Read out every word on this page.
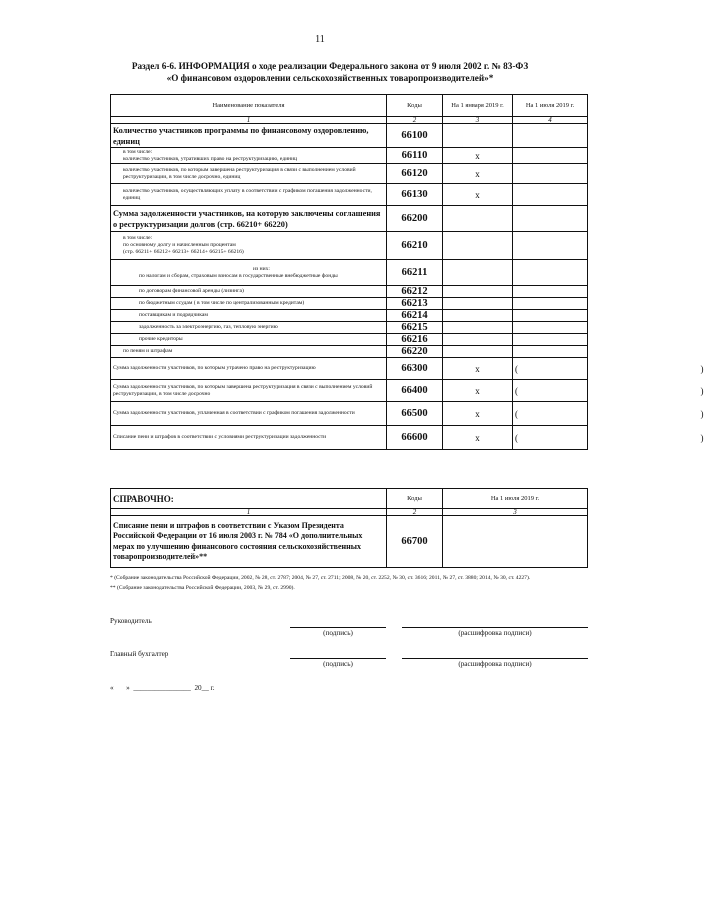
11
Раздел 6-6. ИНФОРМАЦИЯ о ходе реализации Федерального закона от 9 июля 2002 г. № 83-ФЗ
«О финансовом оздоровлении сельскохозяйственных товаропроизводителей»*
Наименование показателя	Коды	На 1 января 2019 г.	На 1 июля 2019 г.
1	2	3	4
Количество участников программы по финансовому оздоровлению, единиц	66100		
в том числе:
количество участников, утративших право на реструктуризацию, единиц	66110	x	
количество участников, по которым завершена реструктуризация в связи с выполнением условий реструктуризации, в том числе досрочно, единиц	66120	x	
количество участников, осуществляющих уплату в соответствии с графиком погашения задолженности, единиц	66130	x	
Сумма задолженности участников, на которую заключены соглашения о реструктуризации долгов (стр. 66210+ 66220)	66200		
в том числе:
по основному долгу и начисленным процентам
(стр. 66211+ 66212+ 66213+ 66214+ 66215+ 66216)	66210		

из них:
по налогам и сборам, страховым взносам в государственные внебюджетные фонды	66211		
по договорам финансовой аренды (лизинга)	66212		
по бюджетным ссудам ( в том числе по централизованным кредитам)	66213		
поставщикам и подрядчикам	66214		
задолженность за электроэнергию, газ, тепловую энергию	66215		
прочие кредиторы	66216		
по пеням и штрафам	66220		
Сумма задолженности участников, по которым утрачено право на реструктуризацию	66300	x	(          )
Сумма задолженности участников, по которым завершена реструктуризация в связи с выполнением условий реструктуризации, в том числе досрочно	66400	x	(          )
Сумма задолженности участников, уплаченная в соответствии с графиком погашения задолженности	66500	x	(          )
Списание пени и штрафов в соответствии с условиями реструктуризации задолженности	66600	x	(          )
СПРАВОЧНО:	Коды	На 1 июля 2019 г.
1	2	3
Списание пени и штрафов в соответствии с Указом Президента Российской Федерации от 16 июля 2003 г. № 784 «О дополнительных мерах по улучшению финансового состояния сельскохозяйственных товаропроизводителей»**	66700	

* (Собрание законодательства Российской Федерации, 2002, № 28, ст. 2787; 2004, № 27, ст. 2711; 2008, № 20, ст. 2252, № 30, ст. 3616; 2011, № 27, ст. 3880; 2014, № 30, ст. 4227).

** (Собрание законодательства Российской Федерации, 2003, № 29, ст. 2990).

Руководитель
(подпись)	(расшифровка подписи)
Главный бухгалтер
(подпись)	(расшифровка подписи)
«       »  ________________  20__ г.
